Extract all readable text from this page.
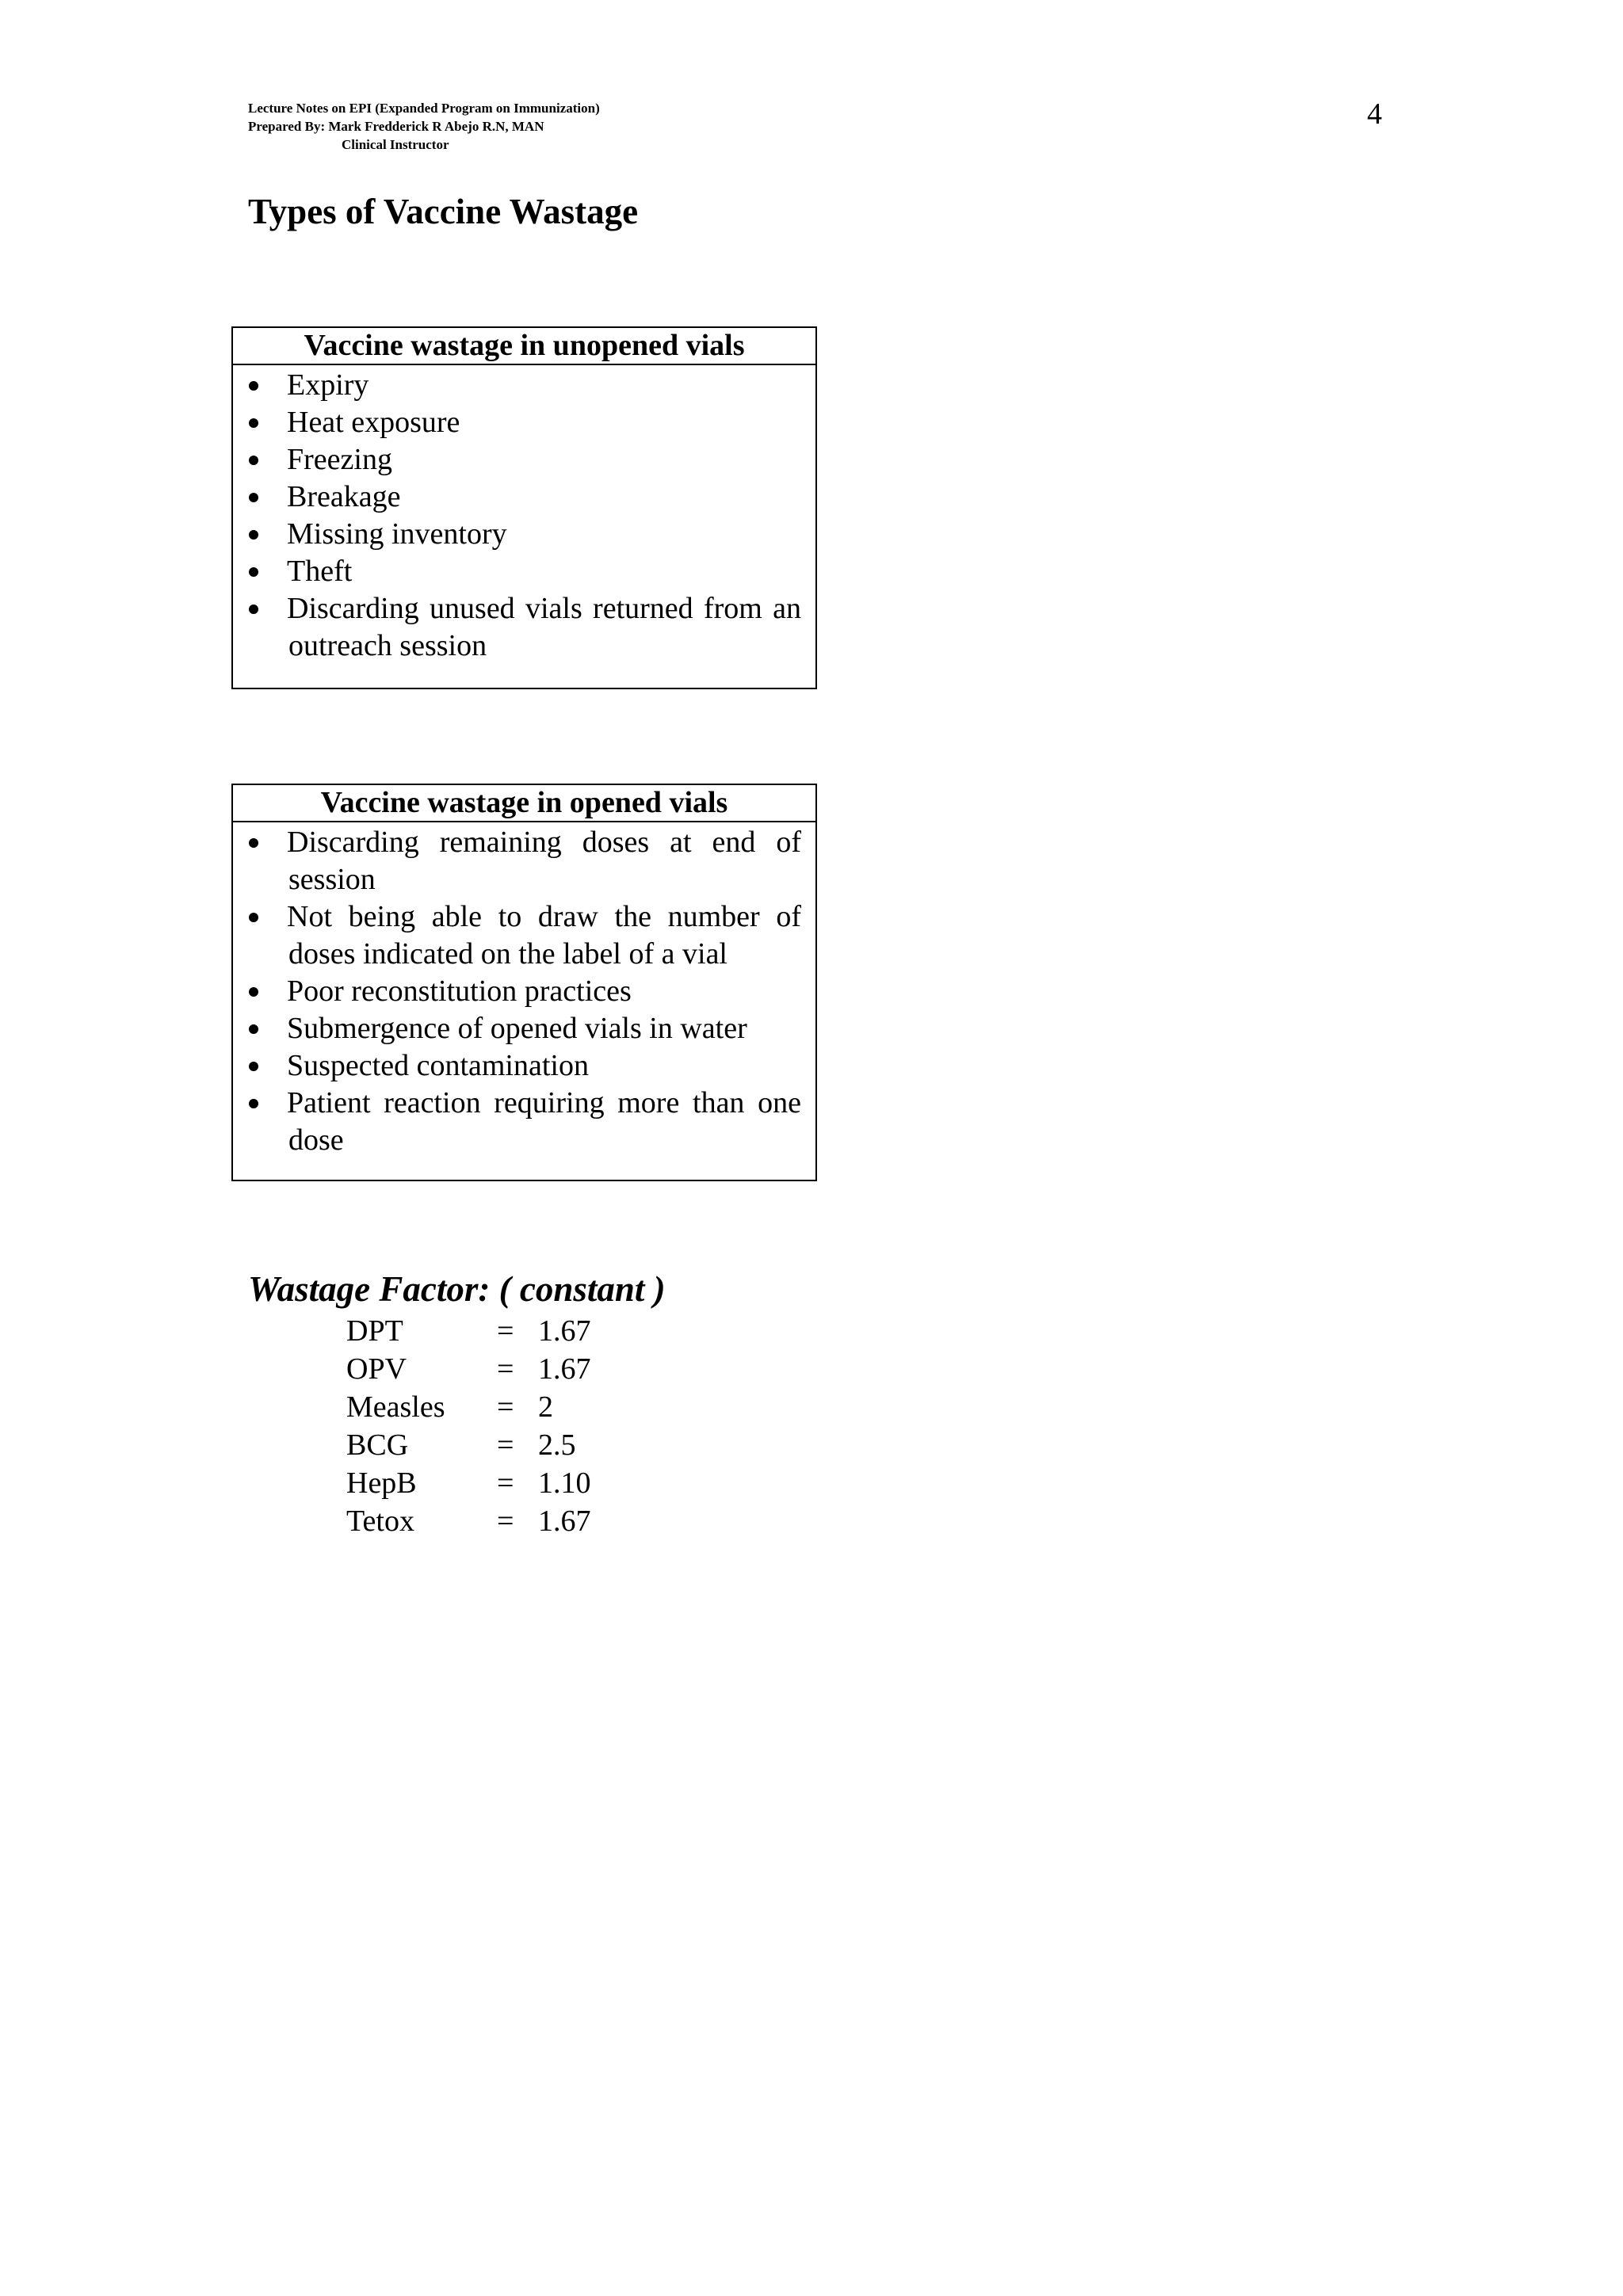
Lecture Notes on EPI (Expanded Program on Immunization)
Prepared By: Mark Fredderick R Abejo R.N, MAN
Clinical Instructor
4
Types of Vaccine Wastage
Vaccine wastage in unopened vials
Expiry
Heat exposure
Freezing
Breakage
Missing inventory
Theft
Discarding unused vials returned from an outreach session
Vaccine wastage in opened vials
Discarding remaining doses at end of session
Not being able to draw the number of doses indicated on the label of a vial
Poor reconstitution practices
Submergence of opened vials in water
Suspected contamination
Patient reaction requiring more than one dose
Wastage Factor: ( constant )
DPT	= 1.67
OPV	= 1.67
Measles	= 2
BCG	= 2.5
HepB	= 1.10
Tetox	= 1.67
